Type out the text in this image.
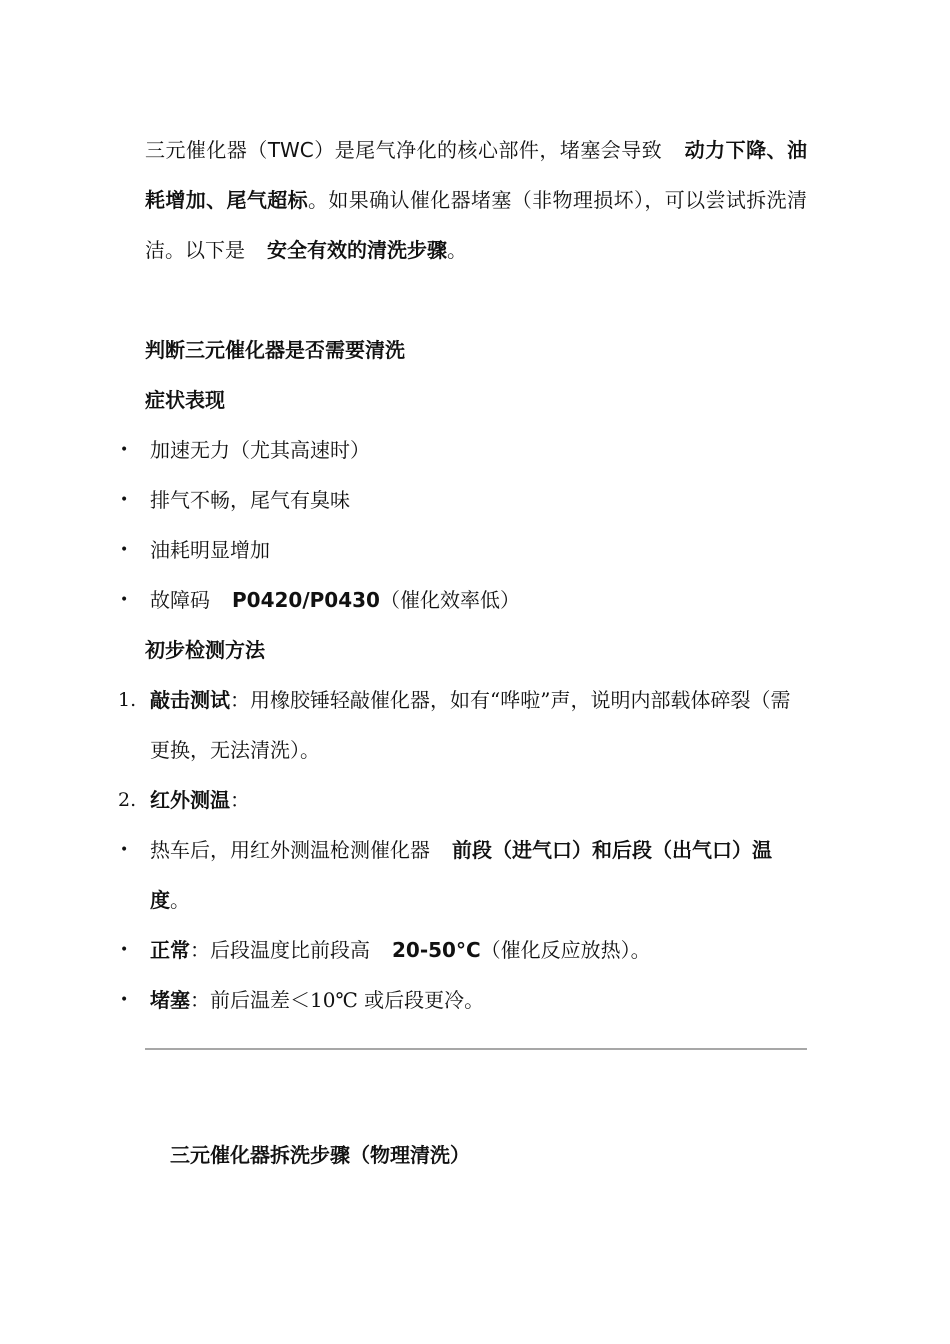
三元催化器（TWC）是尾气净化的核心部件，堵塞会导致 动力下降、油耗增加、尾气超标。如果确认催化器堵塞（非物理损坏），可以尝试拆洗清洁。以下是 安全有效的清洗步骤。
判断三元催化器是否需要清洗
症状表现
•	加速无力（尤其高速时）
•	排气不畅，尾气有臭味
•	油耗明显增加
•	故障码 P0420/P0430（催化效率低）
初步检测方法
1. 敲击测试：用橡胶锤轻敲催化器，如有“哗啦”声，说明内部载体碎裂（需更换，无法清洗）。
2. 红外测温：
•	热车后，用红外测温枪测催化器 前段（进气口）和后段（出气口）温度。
•	正常：后段温度比前段高 20-50°C（催化反应放热）。
•	堵塞：前后温差＜10℃ 或后段更冷。
三元催化器拆洗步骤（物理清洗）
